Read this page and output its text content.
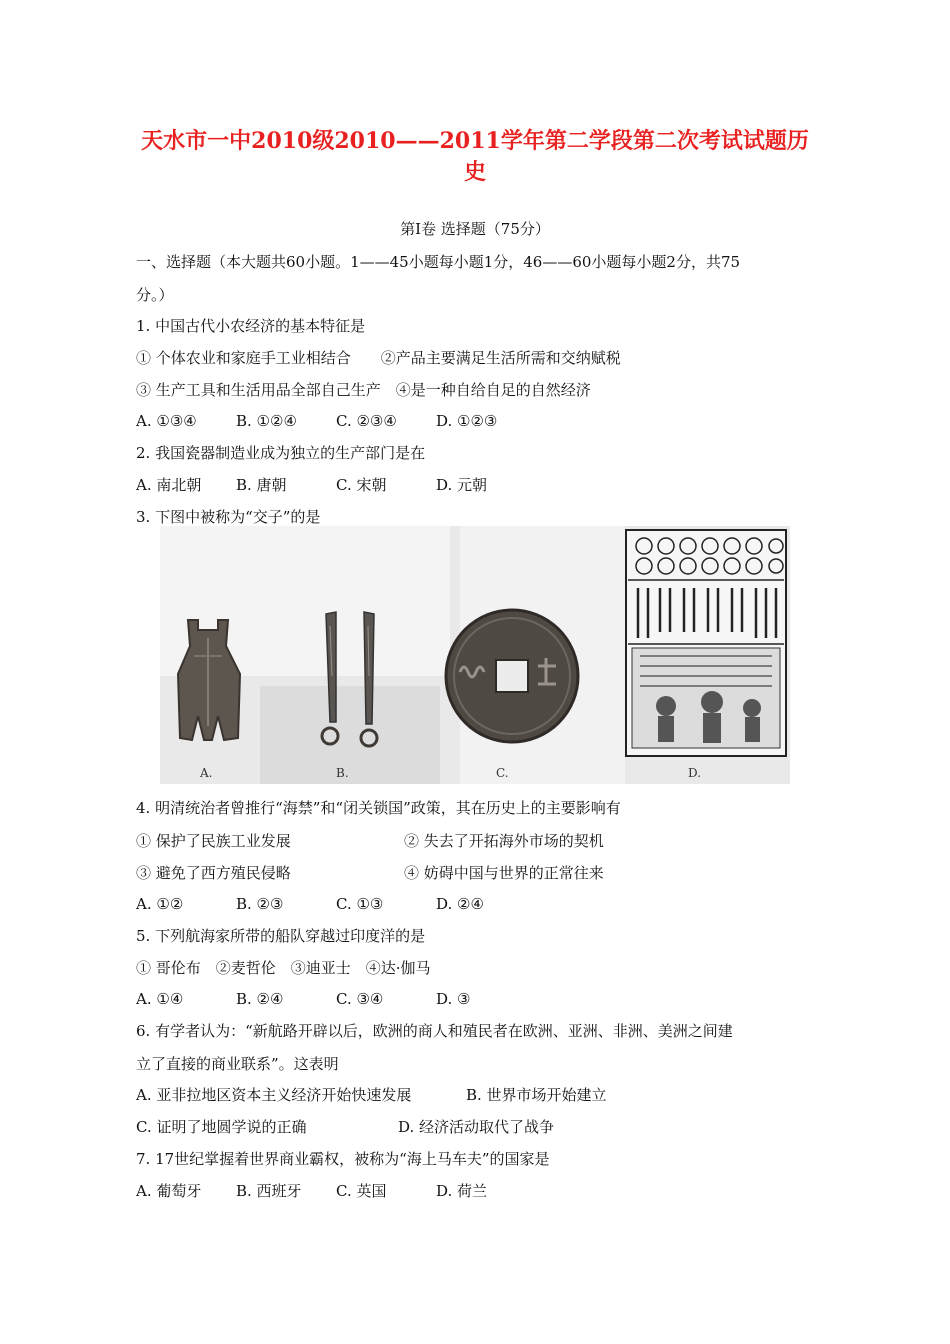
天水市一中2010级2010——2011学年第二学段第二次考试试题历史
第Ⅰ卷 选择题（75分）
一、选择题（本大题共60小题。1——45小题每小题1分，46——60小题每小题2分，共75
分。）
1. 中国古代小农经济的基本特征是
① 个体农业和家庭手工业相结合　　②产品主要满足生活所需和交纳赋税
③ 生产工具和生活用品全部自己生产　④是一种自给自足的自然经济
A. ①③④	B. ①②④	C. ②③④	D. ①②③
2. 我国瓷器制造业成为独立的生产部门是在
A. 南北朝 B. 唐朝	C. 宋朝	D. 元朝
3. 下图中被称为“交子”的是
A.	B.	C.	D.
4. 明清统治者曾推行“海禁”和“闭关锁国”政策，其在历史上的主要影响有
① 保护了民族工业发展	② 失去了开拓海外市场的契机
③ 避免了西方殖民侵略	④ 妨碍中国与世界的正常往来
A. ①②	B. ②③	C. ①③	D. ②④
5. 下列航海家所带的船队穿越过印度洋的是
① 哥伦布　②麦哲伦　③迪亚士　④达·伽马
A. ①④	B. ②④	C. ③④	D. ③
6. 有学者认为：“新航路开辟以后，欧洲的商人和殖民者在欧洲、亚洲、非洲、美洲之间建
立了直接的商业联系”。这表明
A. 亚非拉地区资本主义经济开始快速发展	B. 世界市场开始建立
C. 证明了地圆学说的正确	D. 经济活动取代了战争
7. 17世纪掌握着世界商业霸权，被称为“海上马车夫”的国家是
A. 葡萄牙 B. 西班牙 C. 英国	D. 荷兰
